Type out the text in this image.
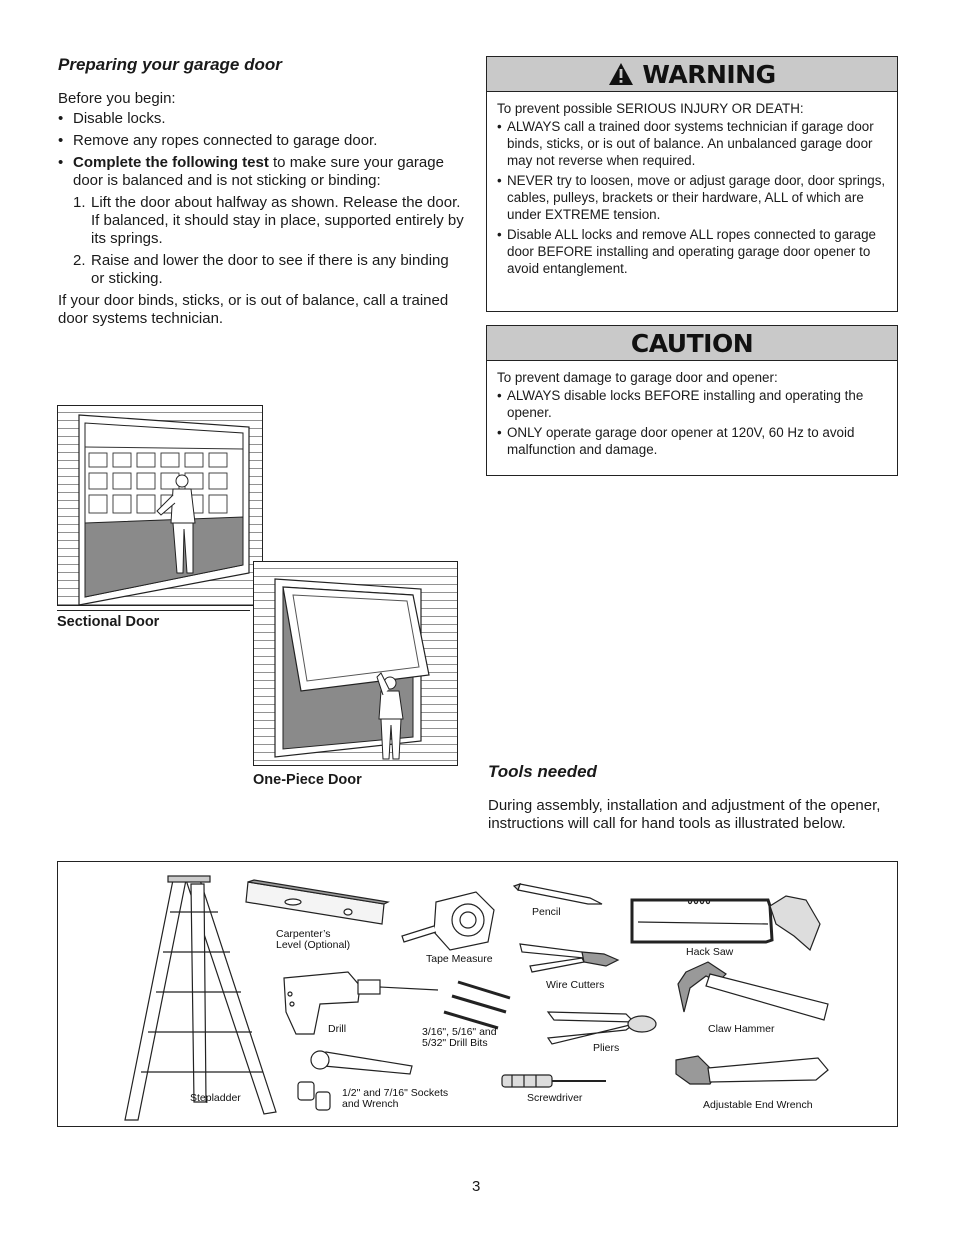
Preparing your garage door

Before you begin:

• Disable locks.
• Remove any ropes connected to garage door.
• Complete the following test to make sure your garage door is balanced and is not sticking or binding:
1. Lift the door about halfway as shown. Release the door. If balanced, it should stay in place, supported entirely by its springs.
2. Raise and lower the door to see if there is any binding or sticking.

If your door binds, sticks, or is out of balance, call a trained door systems technician.

WARNING

To prevent possible SERIOUS INJURY OR DEATH:

• ALWAYS call a trained door systems technician if garage door binds, sticks, or is out of balance. An unbalanced garage door may not reverse when required.
• NEVER try to loosen, move or adjust garage door, door springs, cables, pulleys, brackets or their hardware, ALL of which are under EXTREME tension.
• Disable ALL locks and remove ALL ropes connected to garage door BEFORE installing and operating garage door opener to avoid entanglement.
CAUTION

To prevent damage to garage door and opener:

• ALWAYS disable locks BEFORE installing and operating the opener.
• ONLY operate garage door opener at 120V, 60 Hz to avoid malfunction and damage.
Sectional Door
One-Piece Door	Tools needed
During assembly, installation and adjustment of the opener, instructions will call for hand tools as illustrated below.
Stepladder
Carpenter’s
Level (Optional)
Tape Measure
Pencil
Hack Saw
Wire Cutters
Drill	3/16", 5/16" and
5/32" Drill Bits	Pliers
Claw Hammer
1/2" and 7/16" Sockets
and Wrench	Screwdriver
Adjustable End Wrench
3
